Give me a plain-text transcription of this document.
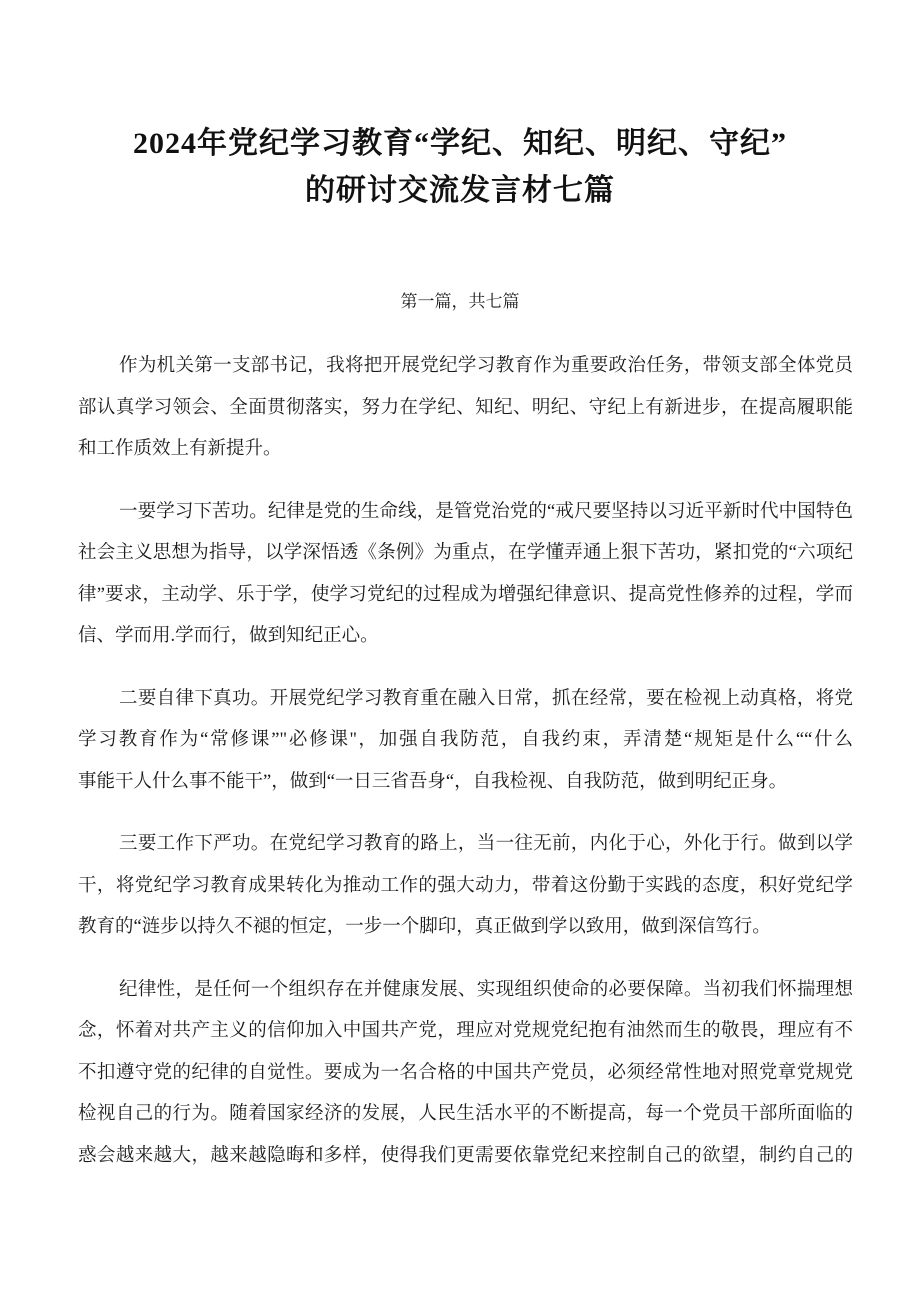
2024年党纪学习教育“学纪、知纪、明纪、守纪”
的研讨交流发言材七篇
第一篇，共七篇
作为机关第一支部书记，我将把开展党纪学习教育作为重要政治任务，带领支部全体党员
部认真学习领会、全面贯彻落实，努力在学纪、知纪、明纪、守纪上有新进步，在提高履职能
和工作质效上有新提升。
一要学习下苦功。纪律是党的生命线，是管党治党的“戒尺要坚持以习近平新时代中国特色
社会主义思想为指导，以学深悟透《条例》为重点，在学懂弄通上狠下苦功，紧扣党的“六项纪
律”要求，主动学、乐于学，使学习党纪的过程成为增强纪律意识、提高党性修养的过程，学而
信、学而用.学而行，做到知纪正心。
二要自律下真功。开展党纪学习教育重在融入日常，抓在经常，要在检视上动真格，将党
学习教育作为“常修课”"必修课''，加强自我防范，自我约束，弄清楚“规矩是什么““什么
事能干人什么事不能干”，做到“一日三省吾身“，自我检视、自我防范，做到明纪正身。
三要工作下严功。在党纪学习教育的路上，当一往无前，内化于心，外化于行。做到以学
干，将党纪学习教育成果转化为推动工作的强大动力，带着这份勤于实践的态度，积好党纪学
教育的“涟步以持久不褪的恒定，一步一个脚印，真正做到学以致用，做到深信笃行。
纪律性，是任何一个组织存在并健康发展、实现组织使命的必要保障。当初我们怀揣理想
念，怀着对共产主义的信仰加入中国共产党，理应对党规党纪抱有油然而生的敬畏，理应有不
不扣遵守党的纪律的自觉性。要成为一名合格的中国共产党员，必须经常性地对照党章党规党
检视自己的行为。随着国家经济的发展，人民生活水平的不断提高，每一个党员干部所面临的
惑会越来越大，越来越隐晦和多样，使得我们更需要依靠党纪来控制自己的欲望，制约自己的
